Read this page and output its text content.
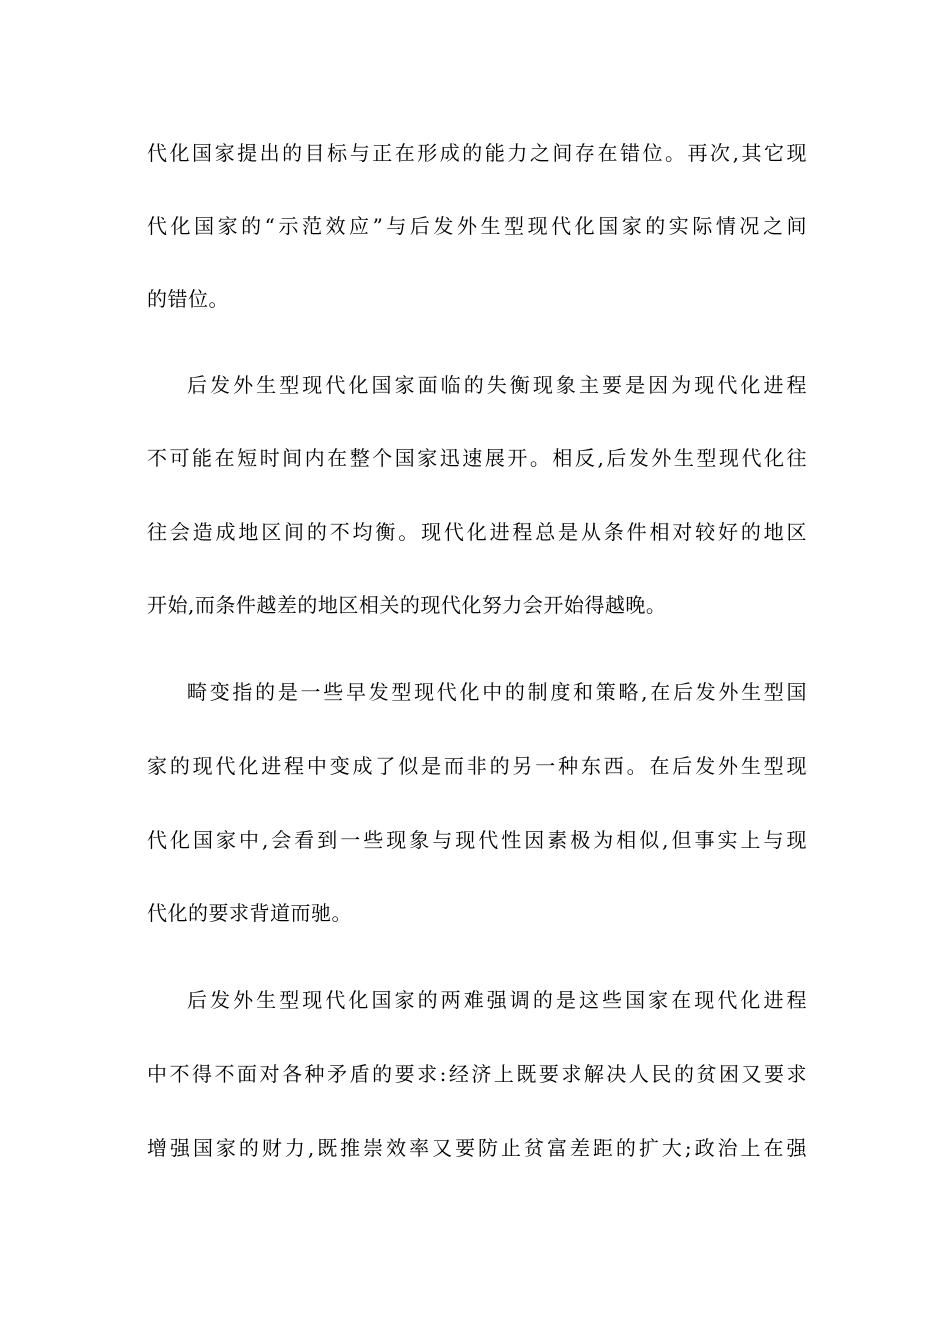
代化国家提出的目标与正在形成的能力之间存在错位。再次,其它现
代化国家的“示范效应”与后发外生型现代化国家的实际情况之间
的错位。
后发外生型现代化国家面临的失衡现象主要是因为现代化进程
不可能在短时间内在整个国家迅速展开。相反,后发外生型现代化往
往会造成地区间的不均衡。现代化进程总是从条件相对较好的地区
开始,而条件越差的地区相关的现代化努力会开始得越晚。
畸变指的是一些早发型现代化中的制度和策略,在后发外生型国
家的现代化进程中变成了似是而非的另一种东西。在后发外生型现
代化国家中,会看到一些现象与现代性因素极为相似,但事实上与现
代化的要求背道而驰。
后发外生型现代化国家的两难强调的是这些国家在现代化进程
中不得不面对各种矛盾的要求:经济上既要求解决人民的贫困又要求
增强国家的财力,既推崇效率又要防止贫富差距的扩大;政治上在强
